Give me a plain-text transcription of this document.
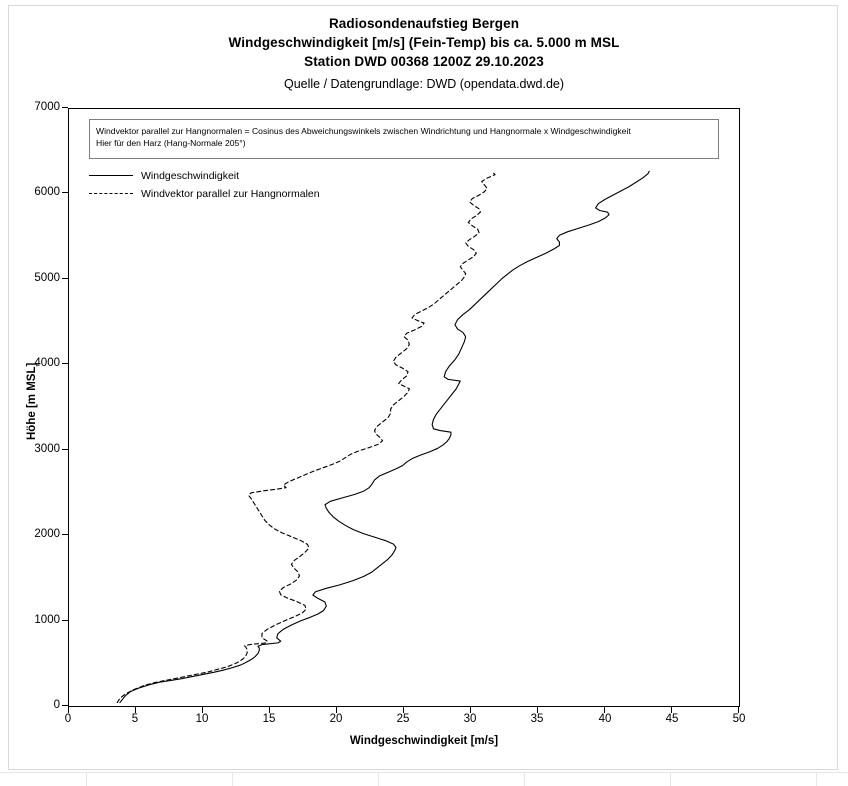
Radiosondenaufstieg Bergen
Windgeschwindigkeit [m/s] (Fein-Temp) bis ca. 5.000 m MSL
Station DWD 00368 1200Z 29.10.2023
Quelle / Datengrundlage: DWD (opendata.dwd.de)
Höhe [m MSL]
7000
6000
5000
4000
3000
2000
1000
0
0	5	10	15	20	25	30	35	40	45	50
Windgeschwindigkeit [m/s]
Windvektor parallel zur Hangnormalen = Cosinus des Abweichungswinkels zwischen Windrichtung und Hangnormale x Windgeschwindigkeit
Hier für den Harz (Hang-Normale 205°)
Windgeschwindigkeit
Windvektor parallel zur Hangnormalen
